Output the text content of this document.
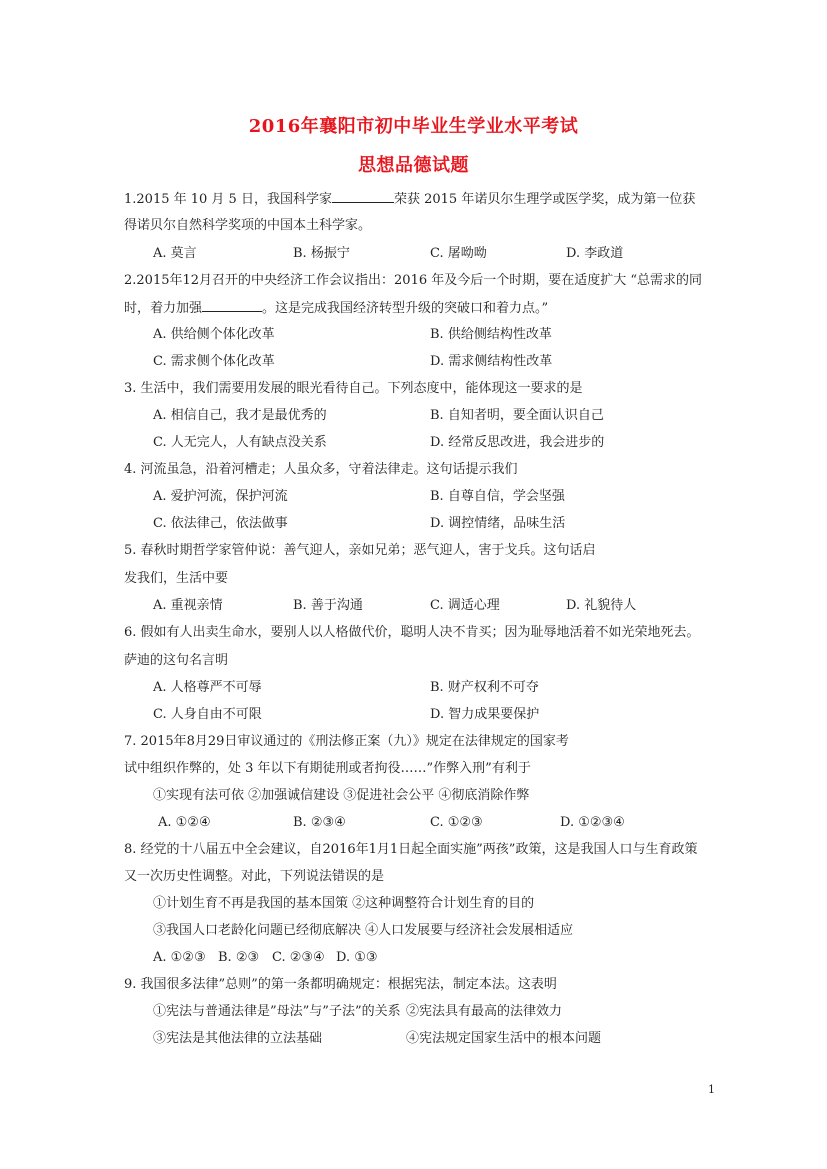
2016年襄阳市初中毕业生学业水平考试
思想品德试题
1.2015 年 10 月 5 日，我国科学家	荣获 2015 年诺贝尔生理学或医学奖，成为第一位获
得诺贝尔自然科学奖项的中国本土科学家。
A. 莫言	B. 杨振宁	C. 屠呦呦	D. 李政道
2.2015年12月召开的中央经济工作会议指出：2016 年及今后一个时期，要在适度扩大 “总需求的同
时，着力加强	。这是完成我国经济转型升级的突破口和着力点。”
A. 供给侧个体化改革	B. 供给侧结构性改革
C. 需求侧个体化改革	D. 需求侧结构性改革
3. 生活中，我们需要用发展的眼光看待自己。下列态度中，能体现这一要求的是
A. 相信自己，我才是最优秀的	B. 自知者明，要全面认识自己
C. 人无完人，人有缺点没关系	D. 经常反思改进，我会进步的
4. 河流虽急，沿着河槽走；人虽众多，守着法律走。这句话提示我们
A. 爱护河流，保护河流	B. 自尊自信，学会坚强
C. 依法律己，依法做事	D. 调控情绪，品味生活
5. 春秋时期哲学家管仲说：善气迎人，亲如兄弟；恶气迎人，害于戈兵。这句话启
发我们，生活中要
A. 重视亲情	B. 善于沟通	C. 调适心理	D. 礼貌待人
6. 假如有人出卖生命水，要别人以人格做代价，聪明人决不肯买；因为耻辱地活着不如光荣地死去。
萨迪的这句名言明
A. 人格尊严不可辱	B. 财产权利不可夺
C. 人身自由不可限	D. 智力成果要保护
7. 2015年8月29日审议通过的《刑法修正案（九）》规定在法律规定的国家考
试中组织作弊的，处 3 年以下有期徒刑或者拘役……”作弊入刑”有利于
①实现有法可依 ②加强诚信建设 ③促进社会公平 ④彻底消除作弊
A. ①②④	B. ②③④	C. ①②③	D. ①②③④
8. 经党的十八届五中全会建议，自2016年1月1日起全面实施”两孩”政策，这是我国人口与生育政策
又一次历史性调整。对此，下列说法错误的是
①计划生育不再是我国的基本国策 ②这种调整符合计划生育的目的
③我国人口老龄化问题已经彻底解决 ④人口发展要与经济社会发展相适应
A. ①②③ B. ②③ C. ②③④ D. ①③
9. 我国很多法律”总则”的第一条都明确规定：根据宪法，制定本法。这表明
①宪法与普通法律是”母法”与”子法”的关系 ②宪法具有最高的法律效力
③宪法是其他法律的立法基础	④宪法规定国家生活中的根本问题
1
